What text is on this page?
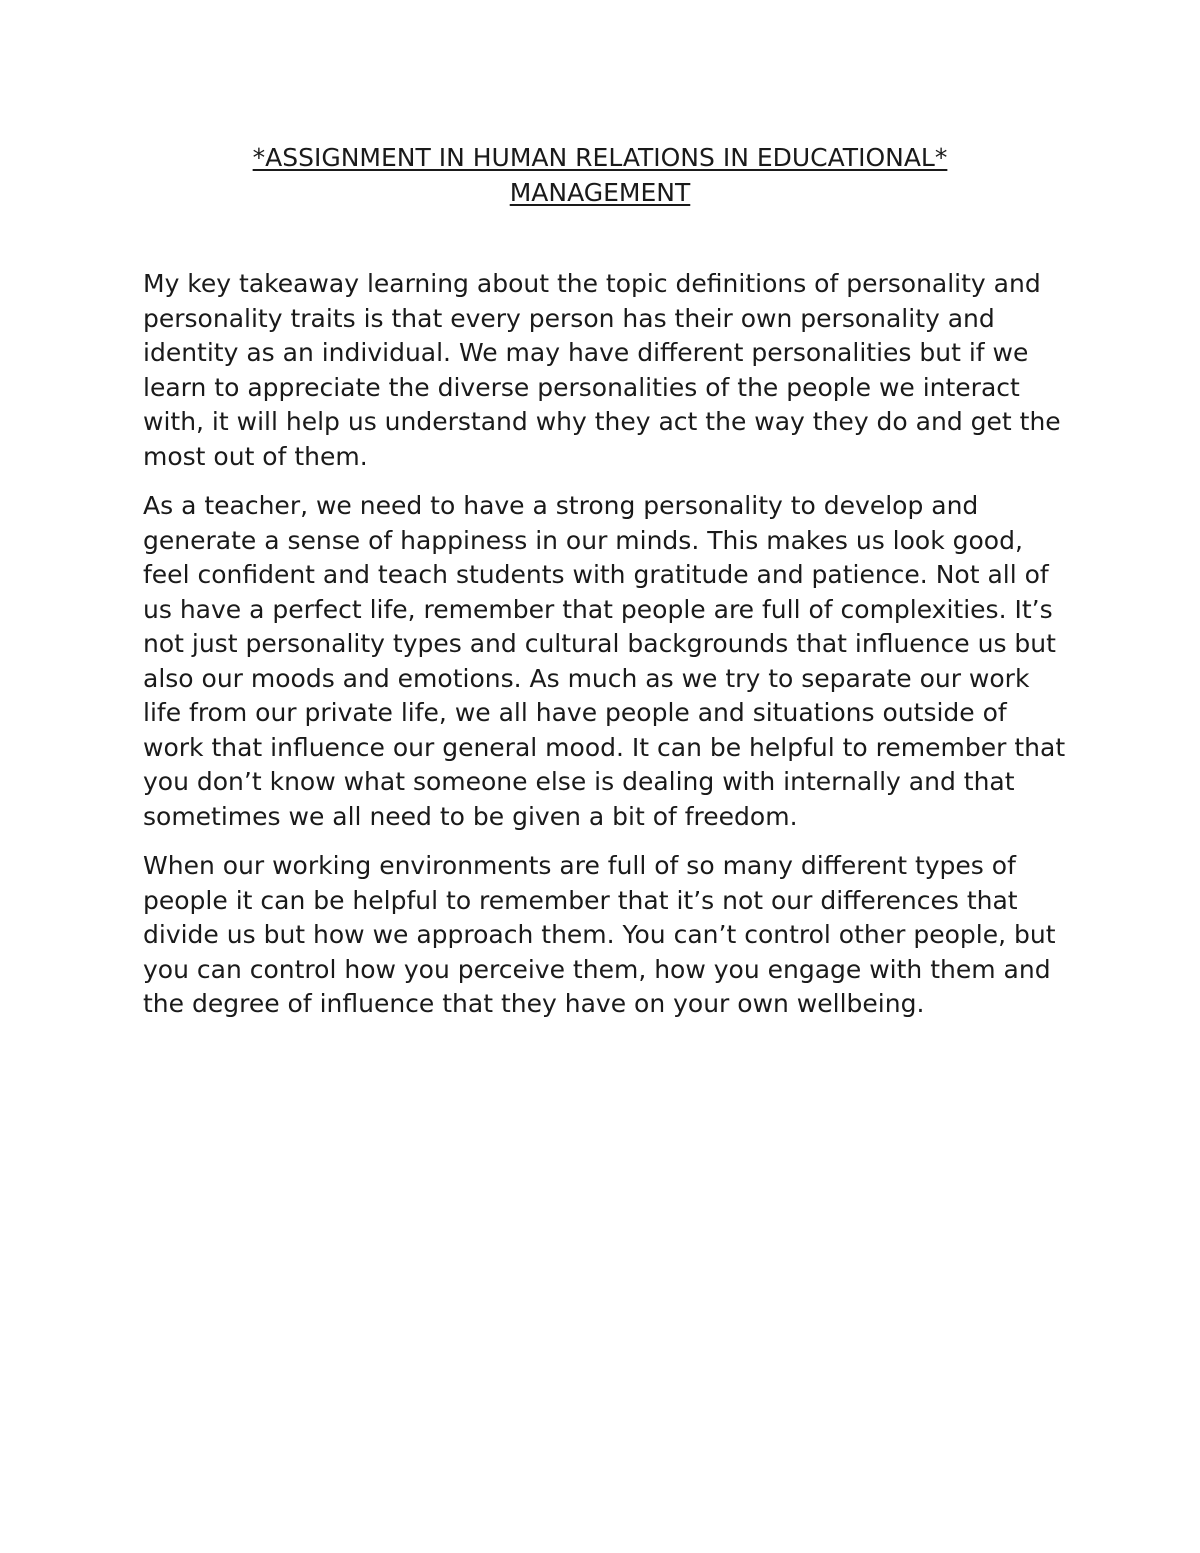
*ASSIGNMENT IN HUMAN RELATIONS IN EDUCATIONAL*
MANAGEMENT

My key takeaway learning about the topic definitions of personality and personality traits is that every person has their own personality and identity as an individual. We may have different personalities but if we learn to appreciate the diverse personalities of the people we interact with, it will help us understand why they act the way they do and get the most out of them.

As a teacher, we need to have a strong personality to develop and generate a sense of happiness in our minds. This makes us look good, feel confident and teach students with gratitude and patience. Not all of us have a perfect life, remember that people are full of complexities. It’s not just personality types and cultural backgrounds that influence us but also our moods and emotions. As much as we try to separate our work life from our private life, we all have people and situations outside of work that influence our general mood. It can be helpful to remember that you don’t know what someone else is dealing with internally and that sometimes we all need to be given a bit of freedom.

When our working environments are full of so many different types of people it can be helpful to remember that it’s not our differences that divide us but how we approach them. You can’t control other people, but you can control how you perceive them, how you engage with them and the degree of influence that they have on your own wellbeing.
